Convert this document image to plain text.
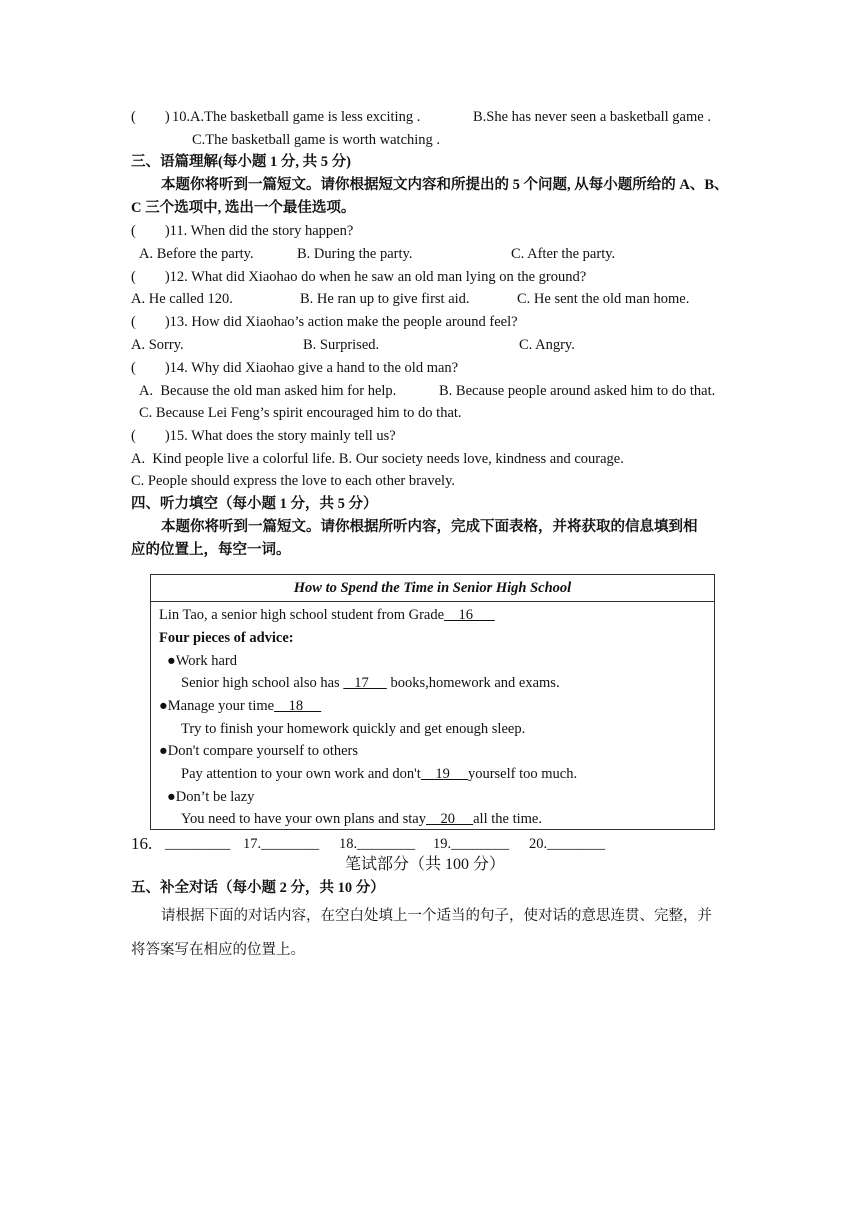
(        ) 10. A.The basketball game is less exciting .	B.She has never seen a basketball game .
C.The basketball game is worth watching .
三、语篇理解(每小题 1 分, 共 5 分)
本题你将听到一篇短文。请你根据短文内容和所提出的 5 个问题, 从每小题所给的 A、B、
C 三个选项中, 选出一个最佳选项。
(        )11. When did the story happen?
A. Before the party.	B. During the party.	C. After the party.
(        )12. What did Xiaohao do when he saw an old man lying on the ground?
A. He called 120.	B. He ran up to give first aid.	C. He sent the old man home.
(        )13. How did Xiaohao’s action make the people around feel?
A. Sorry.	B. Surprised.	C. Angry.
(        )14. Why did Xiaohao give a hand to the old man?
A.  Because the old man asked him for help.	B. Because people around asked him to do that.
C. Because Lei Feng’s spirit encouraged him to do that.
(        )15. What does the story mainly tell us?
A.  Kind people live a colorful life. B. Our society needs love, kindness and courage.
C. People should express the love to each other bravely.
四、听力填空（每小题 1 分，共 5 分）
本题你将听到一篇短文。请你根据所听内容，完成下面表格，并将获取的信息填到相
应的位置上，每空一词。
How to Spend the Time in Senior High School
Lin Tao, a senior high school student from Grade    16
Four pieces of advice:
●Work hard
Senior high school also has    17      books,homework and exams.
●Manage your time    18
Try to finish your homework quickly and get enough sleep.
●Don't compare yourself to others
Pay attention to your own work and don't    19     yourself too much.
●Don’t be lazy
You need to have your own plans and stay    20     all the time.
16. _________ 17.________ 18.________ 19.________ 20.________
笔试部分（共 100 分）
五、补全对话（每小题 2 分，共 10 分）
请根据下面的对话内容，在空白处填上一个适当的句子，使对话的意思连贯、完整，并
将答案写在相应的位置上。
